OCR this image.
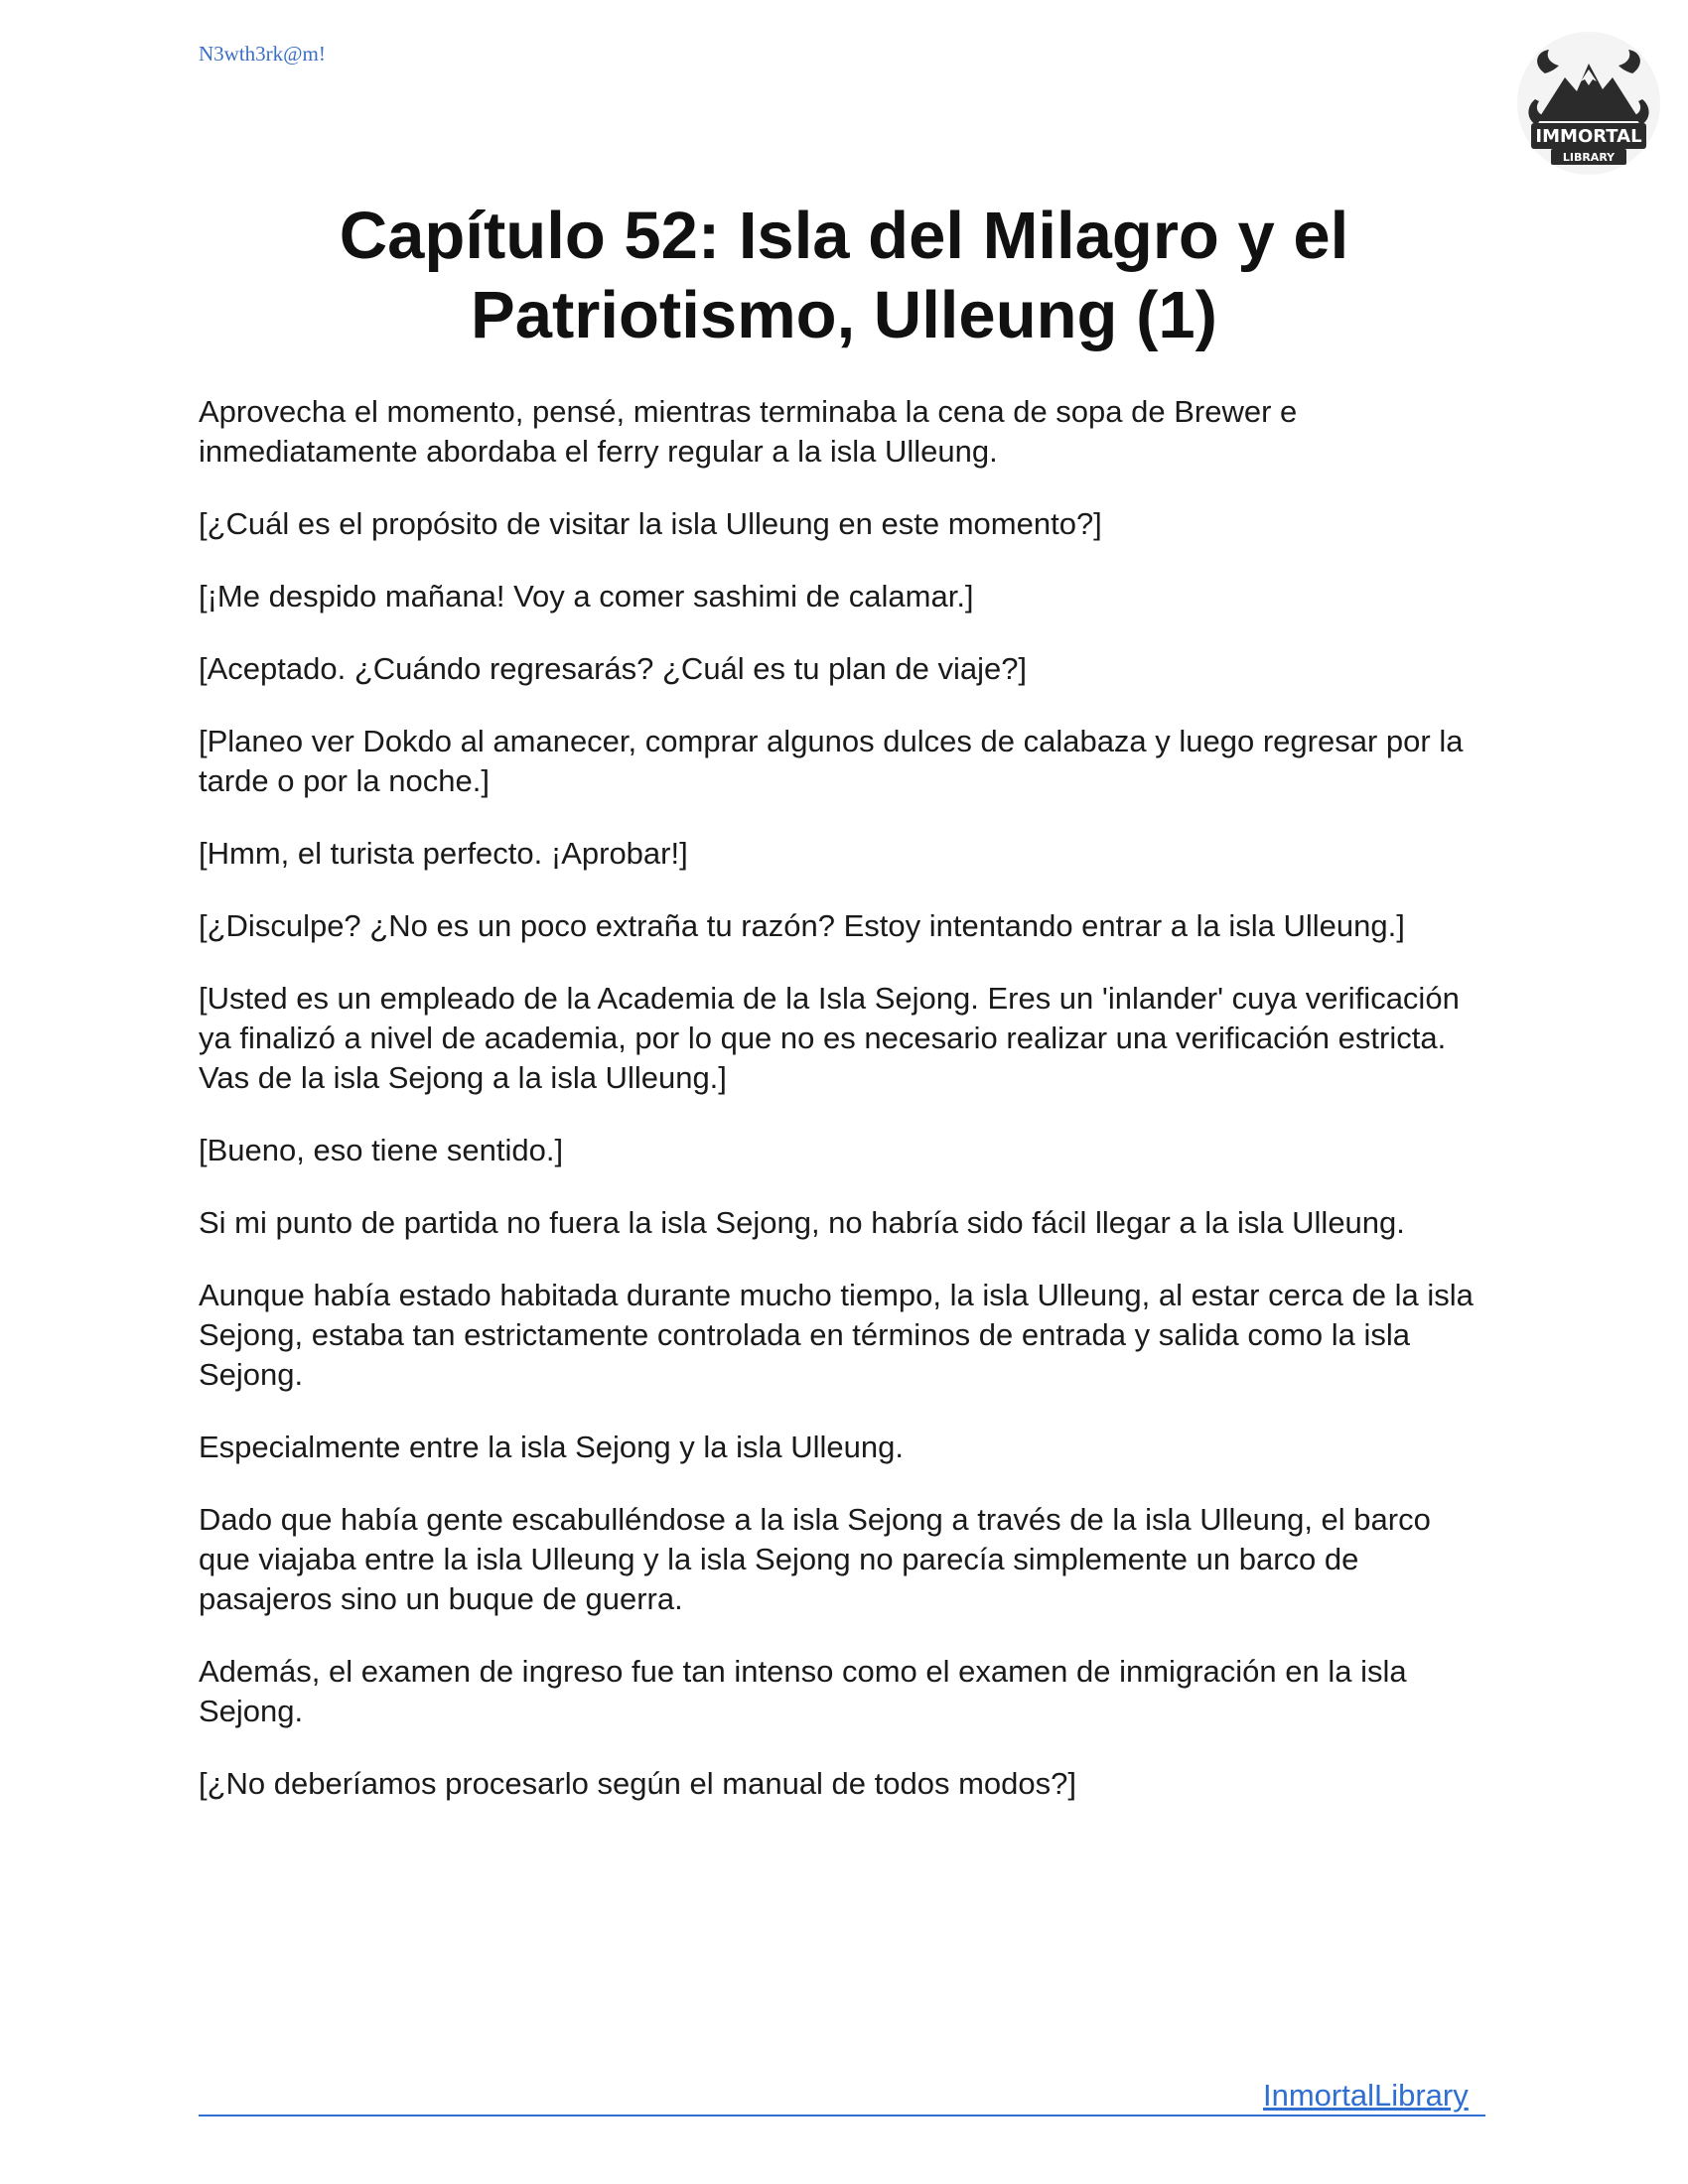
N3wth3rk@m!
IMMORTAL
LIBRARY
Capítulo 52: Isla del Milagro y el
Patriotismo, Ulleung (1)

Aprovecha el momento, pensé, mientras terminaba la cena de sopa de Brewer e inmediatamente abordaba el ferry regular a la isla Ulleung.

[¿Cuál es el propósito de visitar la isla Ulleung en este momento?]

[¡Me despido mañana! Voy a comer sashimi de calamar.]

[Aceptado. ¿Cuándo regresarás? ¿Cuál es tu plan de viaje?]

[Planeo ver Dokdo al amanecer, comprar algunos dulces de calabaza y luego regresar por la tarde o por la noche.]

[Hmm, el turista perfecto. ¡Aprobar!]

[¿Disculpe? ¿No es un poco extraña tu razón? Estoy intentando entrar a la isla Ulleung.]

[Usted es un empleado de la Academia de la Isla Sejong. Eres un 'inlander' cuya verificación ya finalizó a nivel de academia, por lo que no es necesario realizar una verificación estricta. Vas de la isla Sejong a la isla Ulleung.]

[Bueno, eso tiene sentido.]

Si mi punto de partida no fuera la isla Sejong, no habría sido fácil llegar a la isla Ulleung.

Aunque había estado habitada durante mucho tiempo, la isla Ulleung, al estar cerca de la isla Sejong, estaba tan estrictamente controlada en términos de entrada y salida como la isla Sejong.

Especialmente entre la isla Sejong y la isla Ulleung.

Dado que había gente escabulléndose a la isla Sejong a través de la isla Ulleung, el barco que viajaba entre la isla Ulleung y la isla Sejong no parecía simplemente un barco de pasajeros sino un buque de guerra.

Además, el examen de ingreso fue tan intenso como el examen de inmigración en la isla Sejong.

[¿No deberíamos procesarlo según el manual de todos modos?]

InmortalLibrary
